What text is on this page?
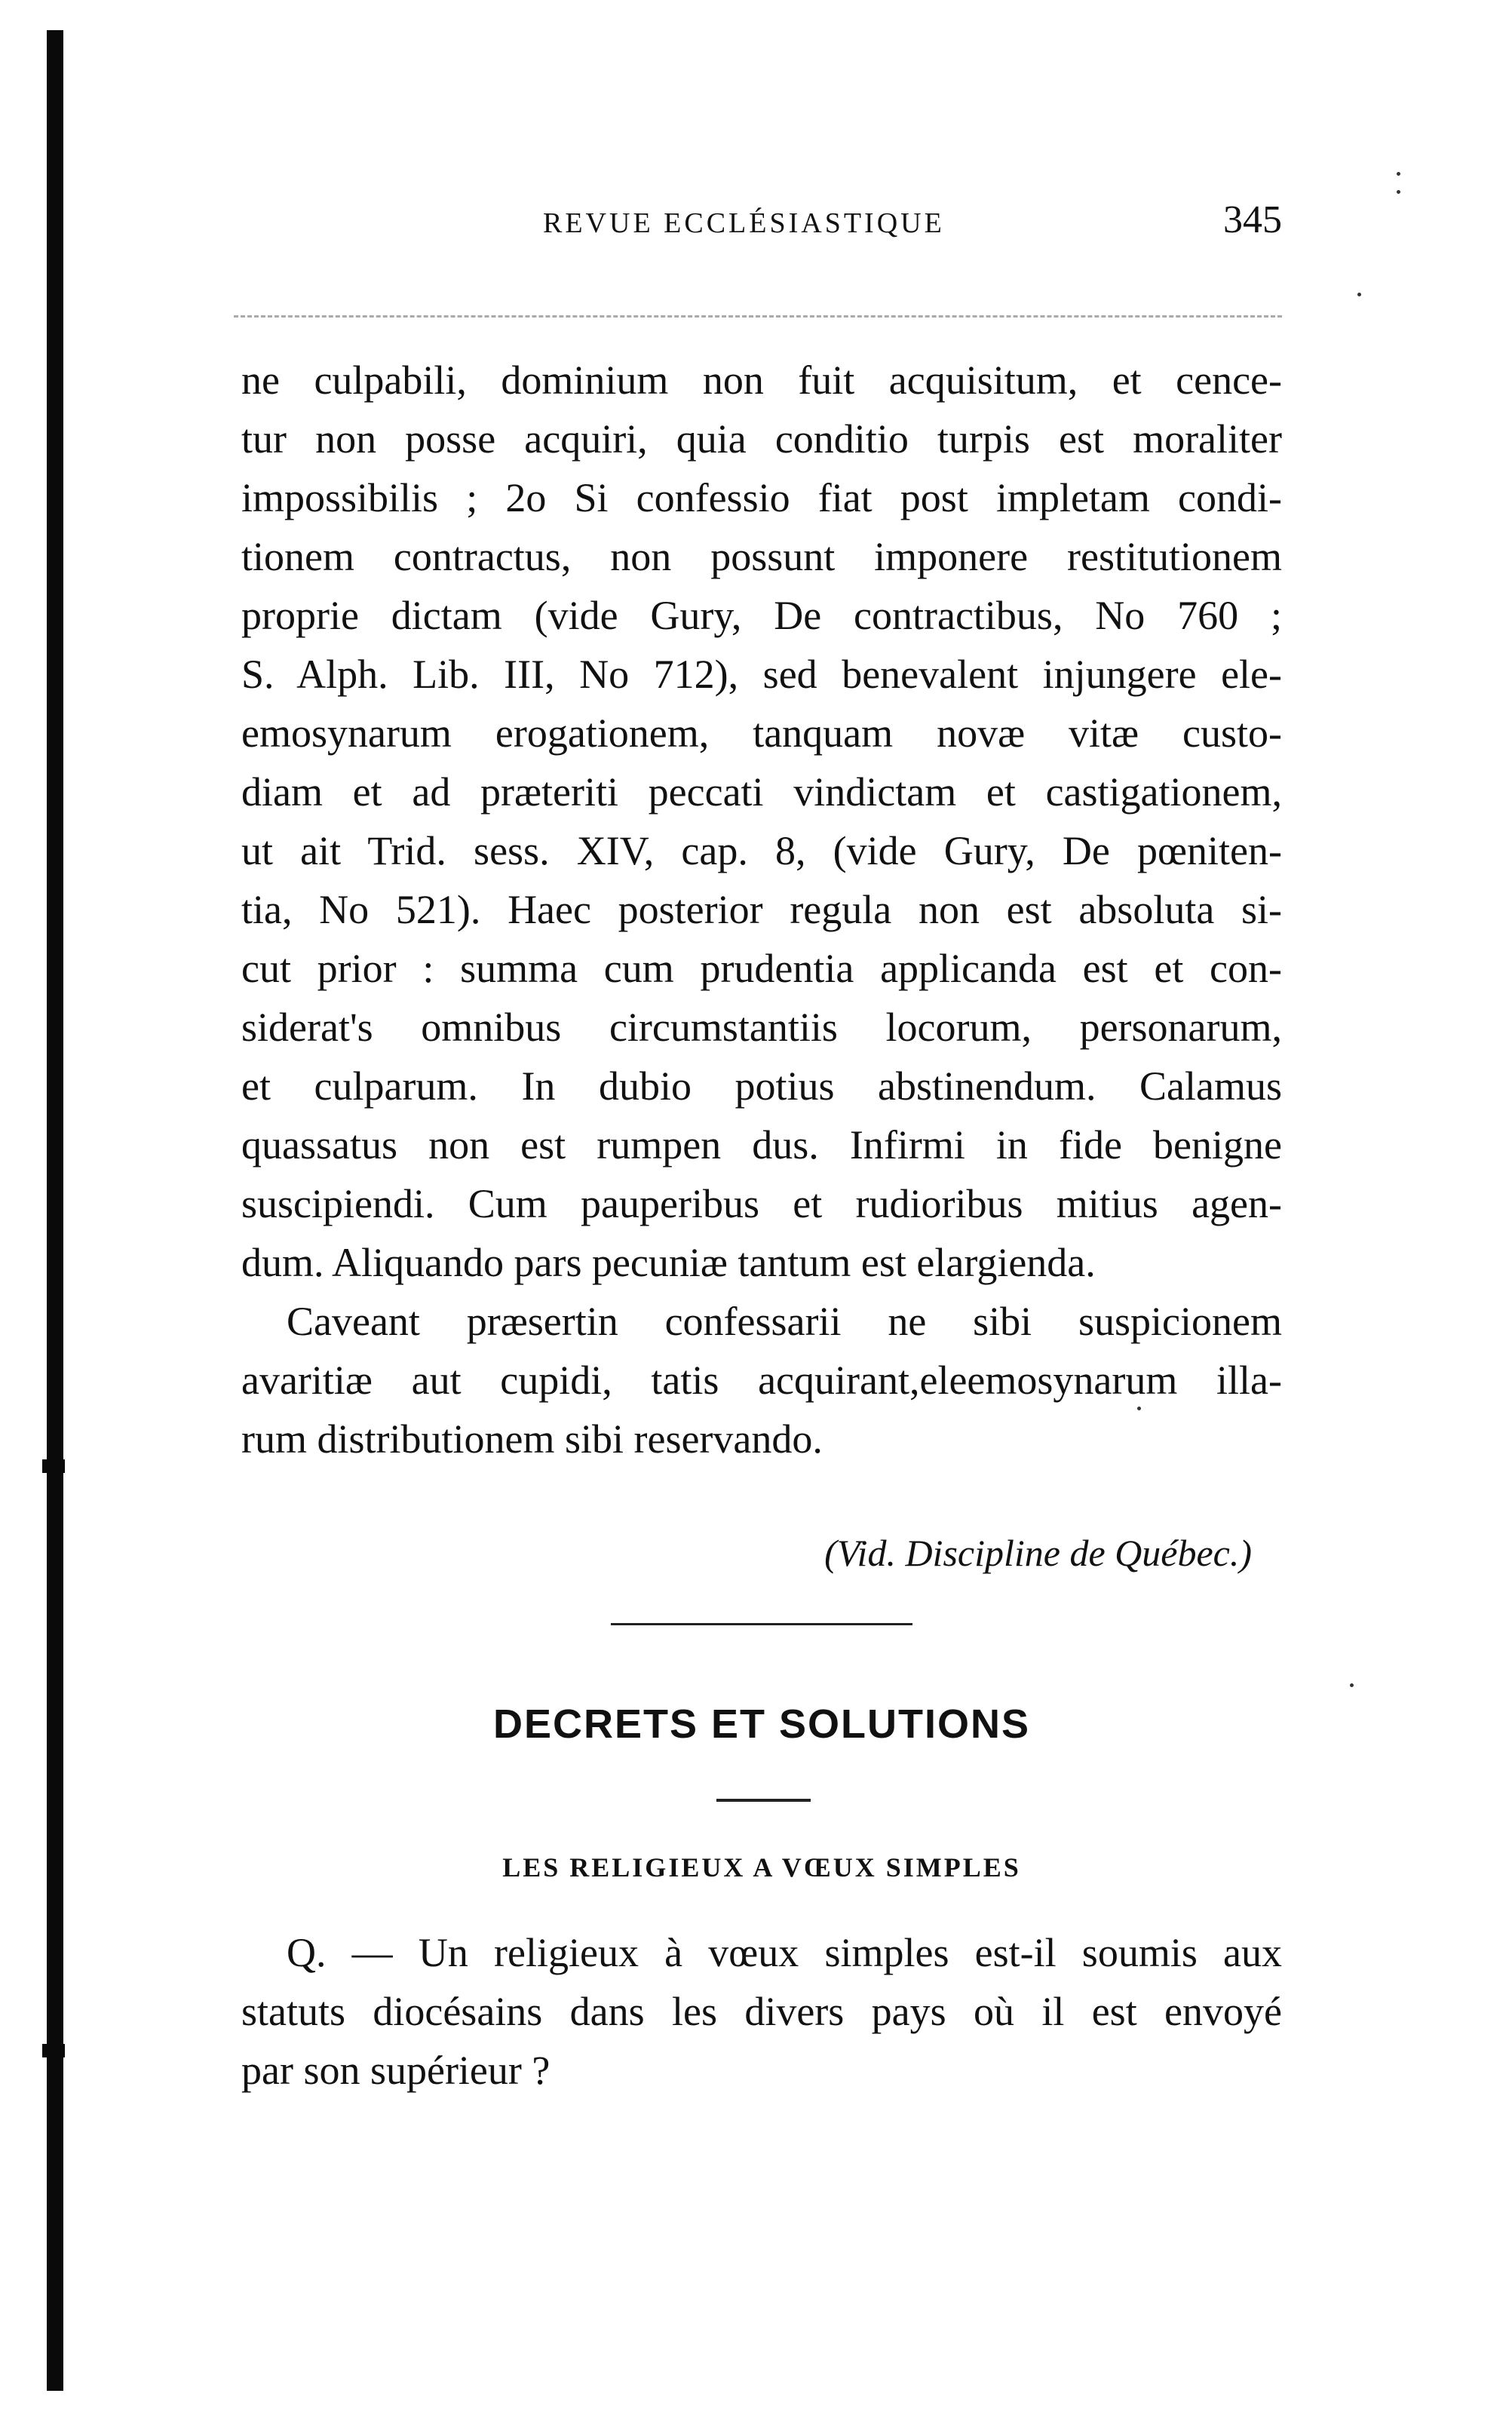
REVUE ECCLÉSIASTIQUE	345
ne culpabili, dominium non fuit acquisitum, et cence-
tur non posse acquiri, quia conditio turpis est moraliter
impossibilis ; 2o Si confessio fiat post impletam condi-
tionem contractus, non possunt imponere restitutionem
proprie dictam (vide Gury, De contractibus, No 760 ;
S. Alph. Lib. III, No 712), sed benevalent injungere ele-
emosynarum erogationem, tanquam novæ vitæ custo-
diam et ad præteriti peccati vindictam et castigationem,
ut ait Trid. sess. XIV, cap. 8, (vide Gury, De pœniten-
tia, No 521). Haec posterior regula non est absoluta si-
cut prior : summa cum prudentia applicanda est et con-
siderat's omnibus circumstantiis locorum, personarum,
et culparum. In dubio potius abstinendum. Calamus
quassatus non est rumpen dus. Infirmi in fide benigne
suscipiendi. Cum pauperibus et rudioribus mitius agen-
dum. Aliquando pars pecuniæ tantum est elargienda.
Caveant præsertin confessarii ne sibi suspicionem
avaritiæ aut cupidi, tatis acquirant,eleemosynarum illa-
rum distributionem sibi reservando.
(Vid. Discipline de Québec.)
DECRETS ET SOLUTIONS
LES RELIGIEUX A VŒUX SIMPLES
Q. — Un religieux à vœux simples est-il soumis aux
statuts diocésains dans les divers pays où il est envoyé
par son supérieur ?
